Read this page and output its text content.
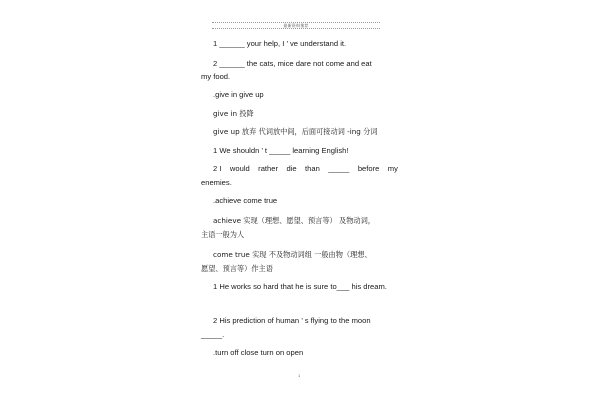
最新资料推荐
1 ______ your help, I ’ ve understand it.
2 ______ the cats, mice dare not come and eat
my food.
.give in give up
give in 投降
give up 放弃 代词放中间，后面可接动词 -ing 分词
1 We shouldn ’ t _____ learning English!
2 I would rather die than _____ before my
enemies.
.achieve come true
achieve 实现（理想、愿望、预言等） 及物动词，
主语一般为人
come true 实现 不及物动词组 一般由物（理想、
愿望、预言等）作主语
1 He works so hard that he is sure to___ his dream.
2 His prediction of human ’ s flying to the moon
_____.
.turn off close turn on open
1
